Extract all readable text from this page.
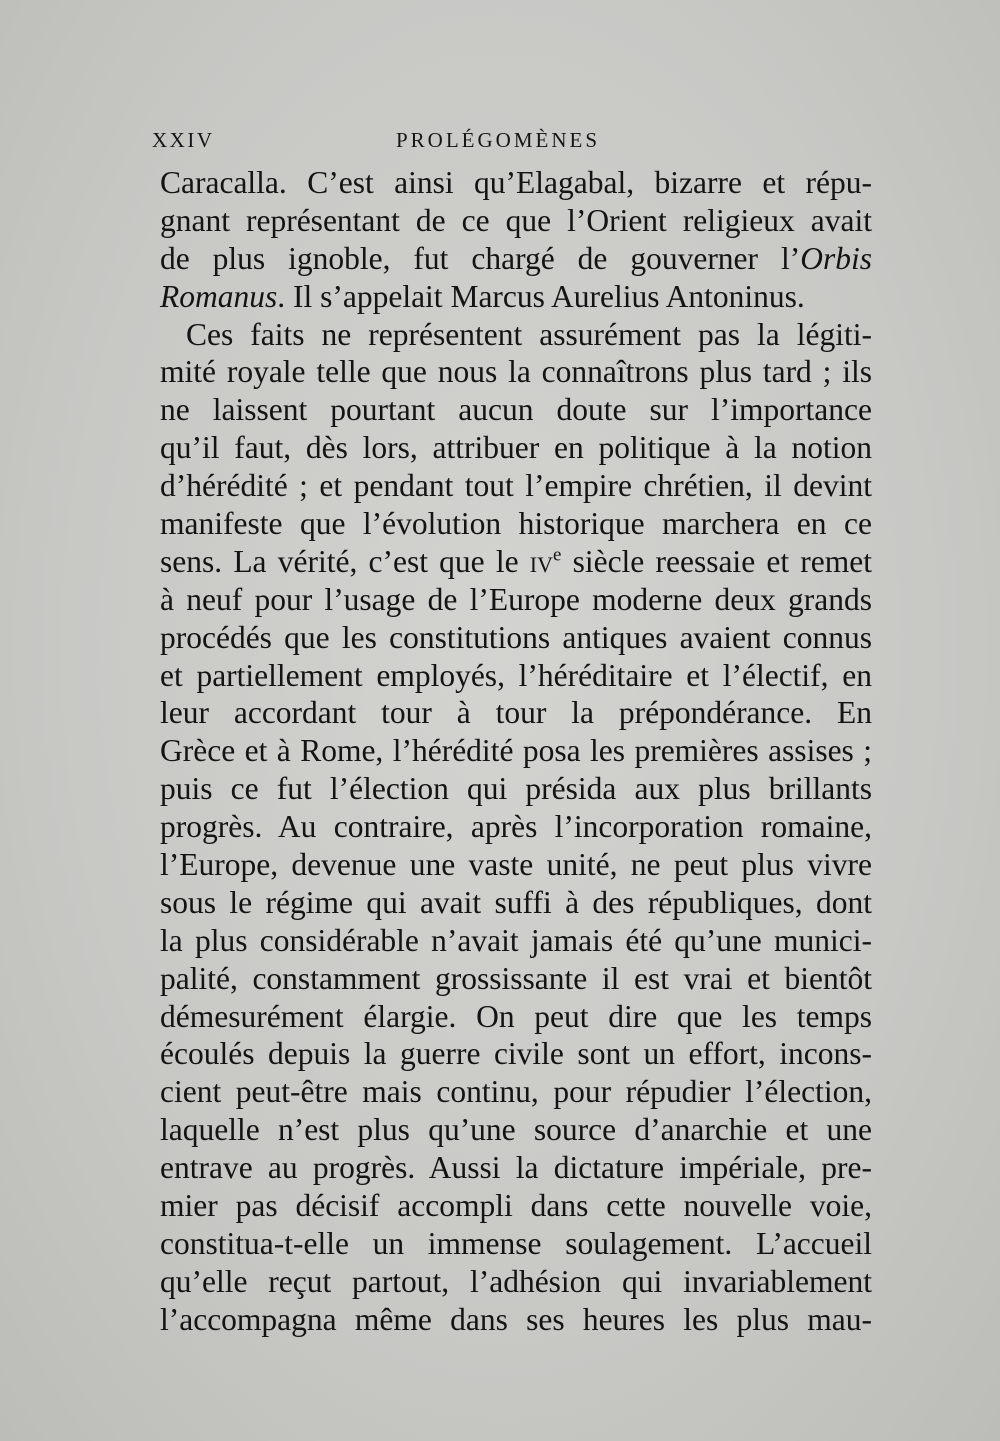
XXIV	PROLÉGOMÈNES
Caracalla. C’est ainsi qu’Elagabal, bizarre et répu-
gnant représentant de ce que l’Orient religieux avait
de plus ignoble, fut chargé de gouverner l’Orbis
Romanus. Il s’appelait Marcus Aurelius Antoninus.
Ces faits ne représentent assurément pas la légiti-
mité royale telle que nous la connaîtrons plus tard ; ils
ne laissent pourtant aucun doute sur l’importance
qu’il faut, dès lors, attribuer en politique à la notion
d’hérédité ; et pendant tout l’empire chrétien, il devint
manifeste que l’évolution historique marchera en ce
sens. La vérité, c’est que le $iv^e$ siècle reessaie et remet
à neuf pour l’usage de l’Europe moderne deux grands
procédés que les constitutions antiques avaient connus
et partiellement employés, l’héréditaire et l’électif, en
leur accordant tour à tour la prépondérance. En
Grèce et à Rome, l’hérédité posa les premières assises ;
puis ce fut l’élection qui présida aux plus brillants
progrès. Au contraire, après l’incorporation romaine,
l’Europe, devenue une vaste unité, ne peut plus vivre
sous le régime qui avait suffi à des républiques, dont
la plus considérable n’avait jamais été qu’une munici-
palité, constamment grossissante il est vrai et bientôt
démesurément élargie. On peut dire que les temps
écoulés depuis la guerre civile sont un effort, incons-
cient peut-être mais continu, pour répudier l’élection,
laquelle n’est plus qu’une source d’anarchie et une
entrave au progrès. Aussi la dictature impériale, pre-
mier pas décisif accompli dans cette nouvelle voie,
constitua-t-elle un immense soulagement. L’accueil
qu’elle reçut partout, l’adhésion qui invariablement
l’accompagna même dans ses heures les plus mau-
